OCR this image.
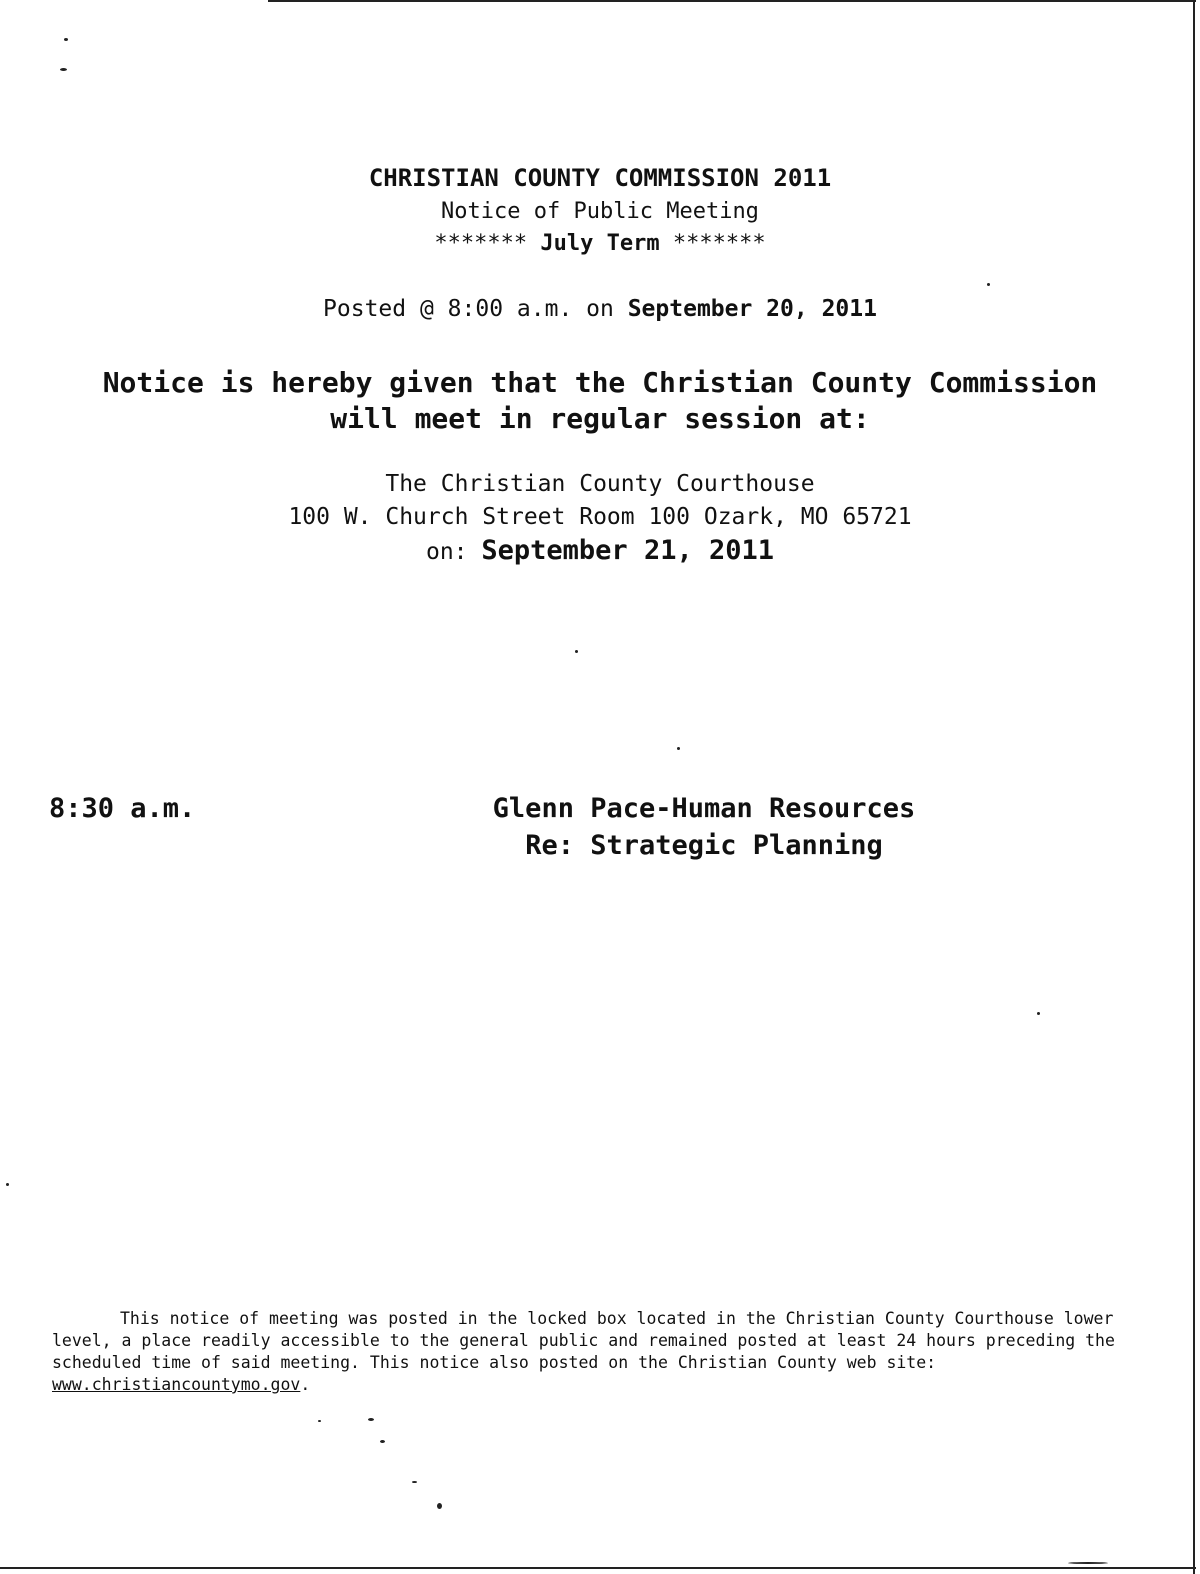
CHRISTIAN COUNTY COMMISSION 2011
Notice of Public Meeting
******* July Term *******
Posted @ 8:00 a.m. on September 20, 2011
Notice is hereby given that the Christian County Commission
will meet in regular session at:
The Christian County Courthouse
100 W. Church Street Room 100 Ozark, MO 65721
on: September 21, 2011
8:30 a.m.	Glenn Pace-Human Resources
Re: Strategic Planning
This notice of meeting was posted in the locked box located in the Christian County Courthouse lower level, a place readily accessible to the general public and remained posted at least 24 hours preceding the scheduled time of said meeting. This notice also posted on the Christian County web site: www.christiancountymo.gov.
